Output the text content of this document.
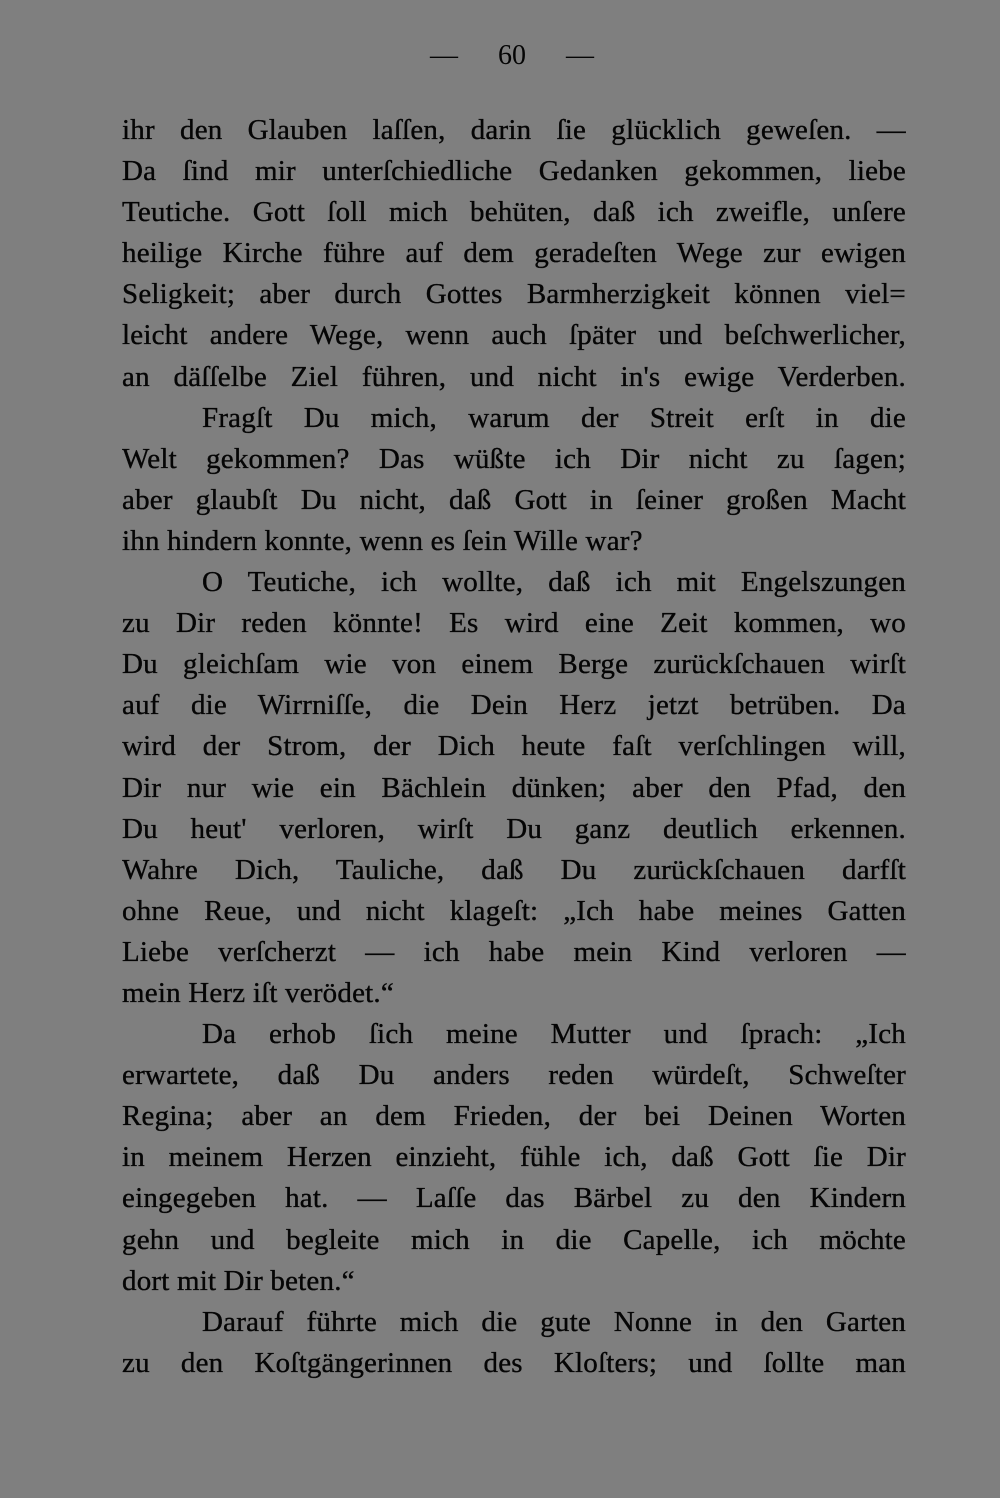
— 60 —
ihr den Glauben laſſen, darin ſie glücklich geweſen. —
Da ſind mir unterſchiedliche Gedanken gekommen, liebe
Teutiche. Gott ſoll mich behüten, daß ich zweifle, unſere
heilige Kirche führe auf dem geradeſten Wege zur ewigen
Seligkeit; aber durch Gottes Barmherzigkeit können viel=
leicht andere Wege, wenn auch ſpäter und beſchwerlicher,
an däſſelbe Ziel führen, und nicht in's ewige Verderben.
Fragſt Du mich, warum der Streit erſt in die
Welt gekommen? Das wüßte ich Dir nicht zu ſagen;
aber glaubſt Du nicht, daß Gott in ſeiner großen Macht
ihn hindern konnte, wenn es ſein Wille war?
O Teutiche, ich wollte, daß ich mit Engelszungen
zu Dir reden könnte! Es wird eine Zeit kommen, wo
Du gleichſam wie von einem Berge zurückſchauen wirſt
auf die Wirrniſſe, die Dein Herz jetzt betrüben. Da
wird der Strom, der Dich heute faſt verſchlingen will,
Dir nur wie ein Bächlein dünken; aber den Pfad, den
Du heut' verloren, wirſt Du ganz deutlich erkennen.
Wahre Dich, Tauliche, daß Du zurückſchauen darfſt
ohne Reue, und nicht klageſt: „Ich habe meines Gatten
Liebe verſcherzt — ich habe mein Kind verloren —
mein Herz iſt verödet.“
Da erhob ſich meine Mutter und ſprach: „Ich
erwartete, daß Du anders reden würdeſt, Schweſter
Regina; aber an dem Frieden, der bei Deinen Worten
in meinem Herzen einzieht, fühle ich, daß Gott ſie Dir
eingegeben hat. — Laſſe das Bärbel zu den Kindern
gehn und begleite mich in die Capelle, ich möchte
dort mit Dir beten.“
Darauf führte mich die gute Nonne in den Garten
zu den Koſtgängerinnen des Kloſters; und ſollte man
